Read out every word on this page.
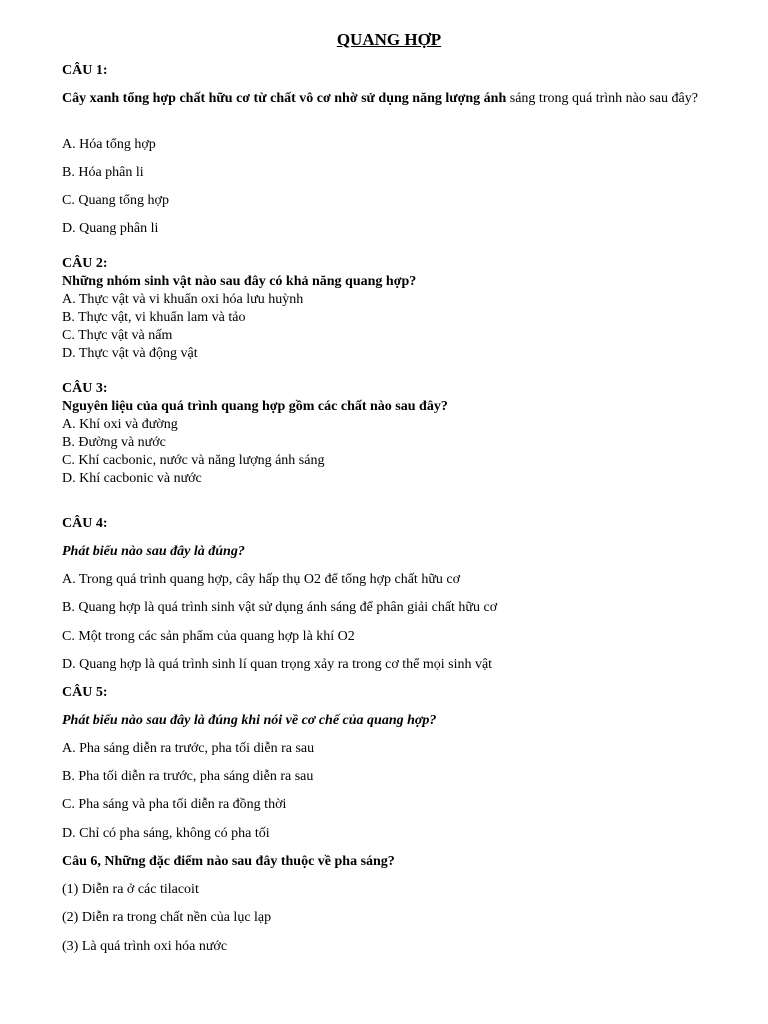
QUANG HỢP
CÂU 1:
Cây xanh tổng hợp chất hữu cơ từ chất vô cơ nhờ sử dụng năng lượng ánh sáng trong quá trình nào sau đây?
A. Hóa tổng hợp
B. Hóa phân li
C. Quang tổng hợp
D. Quang phân li
CÂU 2:
Những nhóm sinh vật nào sau đây có khả năng quang hợp?
A. Thực vật và vi khuẩn oxi hóa lưu huỳnh
B. Thực vật, vi khuẩn lam và tảo
C. Thực vật và nấm
D. Thực vật và động vật
CÂU 3:
Nguyên liệu của quá trình quang hợp gồm các chất nào sau đây?
A. Khí oxi và đường
B. Đường và nước
C. Khí cacbonic, nước và năng lượng ánh sáng
D. Khí cacbonic và nước
CÂU 4:
Phát biểu nào sau đây là đúng?
A. Trong quá trình quang hợp, cây hấp thụ O2 để tổng hợp chất hữu cơ
B. Quang hợp là quá trình sinh vật sử dụng ánh sáng để phân giải chất hữu cơ
C. Một trong các sản phẩm của quang hợp là khí O2
D. Quang hợp là quá trình sinh lí quan trọng xảy ra trong cơ thể mọi sinh vật
CÂU 5:
Phát biểu nào sau đây là đúng khi nói về cơ chế của quang hợp?
A. Pha sáng diễn ra trước, pha tối diễn ra sau
B. Pha tối diễn ra trước, pha sáng diễn ra sau
C. Pha sáng và pha tối diễn ra đồng thời
D. Chỉ có pha sáng, không có pha tối
Câu 6, Những đặc điểm nào sau đây thuộc về pha sáng?
(1) Diễn ra ở các tilacoit
(2) Diễn ra trong chất nền của lục lạp
(3) Là quá trình oxi hóa nước
